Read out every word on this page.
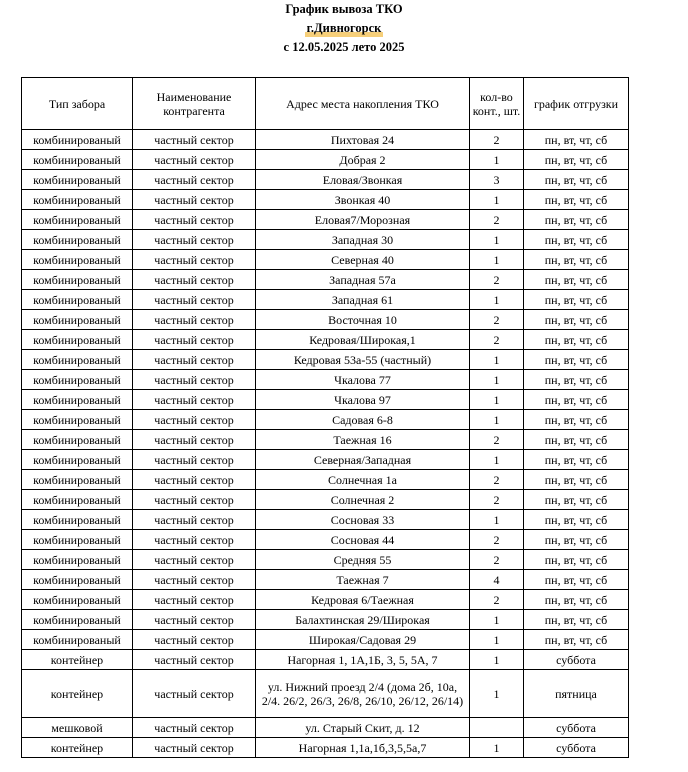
График вывоза ТКО
г.Дивногорск
с 12.05.2025 лето 2025
Тип забора	Наименование контрагента	Адрес места накопления ТКО	кол-во конт., шт.	график отгрузки
комбинированый	частный сектор	Пихтовая 24	2	пн, вт, чт, сб
комбинированый	частный сектор	Добрая 2	1	пн, вт, чт, сб
комбинированый	частный сектор	Еловая/Звонкая	3	пн, вт, чт, сб
комбинированый	частный сектор	Звонкая 40	1	пн, вт, чт, сб
комбинированый	частный сектор	Еловая7/Морозная	2	пн, вт, чт, сб
комбинированый	частный сектор	Западная 30	1	пн, вт, чт, сб
комбинированый	частный сектор	Северная 40	1	пн, вт, чт, сб
комбинированый	частный сектор	Западная 57а	2	пн, вт, чт, сб
комбинированый	частный сектор	Западная 61	1	пн, вт, чт, сб
комбинированый	частный сектор	Восточная 10	2	пн, вт, чт, сб
комбинированый	частный сектор	Кедровая/Широкая,1	2	пн, вт, чт, сб
комбинированый	частный сектор	Кедровая 53а-55 (частный)	1	пн, вт, чт, сб
комбинированый	частный сектор	Чкалова 77	1	пн, вт, чт, сб
комбинированый	частный сектор	Чкалова 97	1	пн, вт, чт, сб
комбинированый	частный сектор	Садовая 6-8	1	пн, вт, чт, сб
комбинированый	частный сектор	Таежная 16	2	пн, вт, чт, сб
комбинированый	частный сектор	Северная/Западная	1	пн, вт, чт, сб
комбинированый	частный сектор	Солнечная 1а	2	пн, вт, чт, сб
комбинированый	частный сектор	Солнечная 2	2	пн, вт, чт, сб
комбинированый	частный сектор	Сосновая 33	1	пн, вт, чт, сб
комбинированый	частный сектор	Сосновая 44	2	пн, вт, чт, сб
комбинированый	частный сектор	Средняя 55	2	пн, вт, чт, сб
комбинированый	частный сектор	Таежная 7	4	пн, вт, чт, сб
комбинированый	частный сектор	Кедровая 6/Таежная	2	пн, вт, чт, сб
комбинированый	частный сектор	Балахтинская 29/Широкая	1	пн, вт, чт, сб
комбинированый	частный сектор	Широкая/Садовая 29	1	пн, вт, чт, сб
контейнер	частный сектор	Нагорная 1, 1А,1Б, 3, 5, 5А, 7	1	суббота
контейнер	частный сектор	ул. Нижний проезд 2/4 (дома 2б, 10а, 2/4. 26/2, 26/3, 26/8, 26/10, 26/12, 26/14)	1	пятница
мешковой	частный сектор	ул. Старый Скит, д. 12		суббота
контейнер	частный сектор	Нагорная 1,1а,1б,3,5,5а,7	1	суббота
